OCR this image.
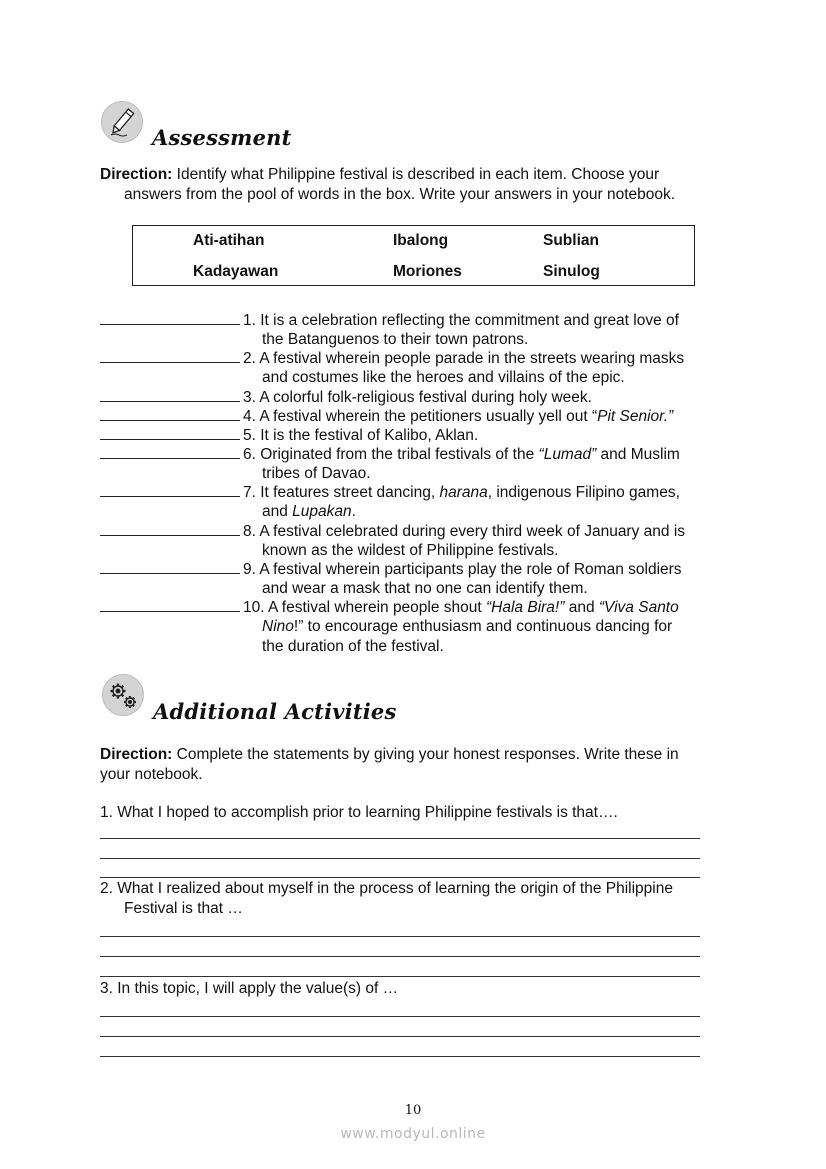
Assessment
Direction: Identify what Philippine festival is described in each item. Choose your
answers from the pool of words in the box. Write your answers in your notebook.
Ati-atihan	Ibalong	Sublian
Kadayawan	Moriones	Sinulog
1. It is a celebration reflecting the commitment and great love of
the Batanguenos to their town patrons.
2. A festival wherein people parade in the streets wearing masks
and costumes like the heroes and villains of the epic.
3. A colorful folk-religious festival during holy week.
4. A festival wherein the petitioners usually yell out “Pit Senior.”
5. It is the festival of Kalibo, Aklan.
6. Originated from the tribal festivals of the “Lumad” and Muslim
tribes of Davao.
7. It features street dancing, harana, indigenous Filipino games,
and Lupakan.
8. A festival celebrated during every third week of January and is
known as the wildest of Philippine festivals.
9. A festival wherein participants play the role of Roman soldiers
and wear a mask that no one can identify them.
10. A festival wherein people shout “Hala Bira!” and “Viva Santo
Nino!” to encourage enthusiasm and continuous dancing for
the duration of the festival.
Additional Activities
Direction: Complete the statements by giving your honest responses. Write these in
your notebook.
1. What I hoped to accomplish prior to learning Philippine festivals is that….
2. What I realized about myself in the process of learning the origin of the Philippine
Festival is that …
3. In this topic, I will apply the value(s) of …
10
www.modyul.online
